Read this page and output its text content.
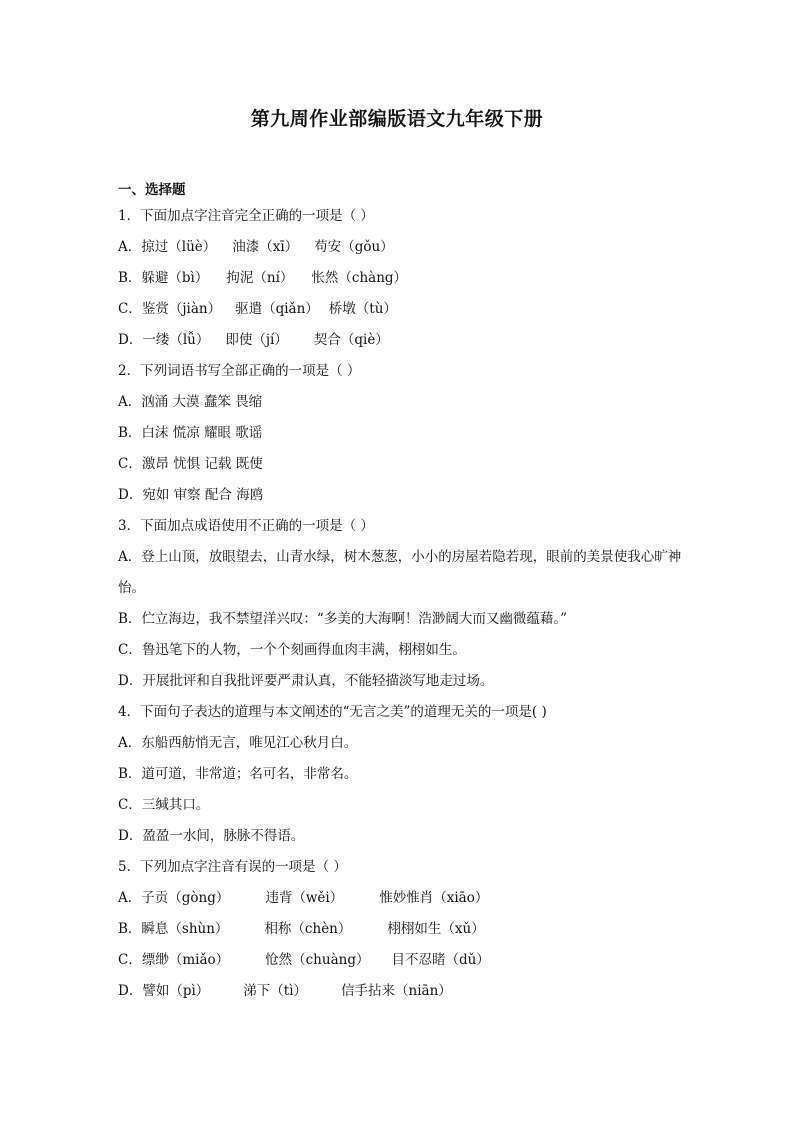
第九周作业部编版语文九年级下册
一、选择题
1．下面加点字注音完全正确的一项是（ ）
A．掠过（lüè） 油漆（xī） 苟安（gǒu）
B．躲避（bì） 拘泥（ní） 怅然（chàng）
C．鉴赏（jiàn） 驱遣（qiǎn） 桥墩（tù）
D．一缕（lǚ） 即使（jí） 契合（qiè）
2．下列词语书写全部正确的一项是（ ）
A．汹涌 大漠 蠢笨 畏缩
B．白沫 慌凉 耀眼 歌谣
C．激昂 忧惧 记载 既使
D．宛如 审察 配合 海鸥
3．下面加点成语使用不正确的一项是（ ）
A．登上山顶，放眼望去，山青水绿，树木葱葱，小小的房屋若隐若现，眼前的美景使我心旷神怡。
B．伫立海边，我不禁望洋兴叹：“多美的大海啊！浩渺阔大而又幽微蕴藉。”
C．鲁迅笔下的人物，一个个刻画得血肉丰满，栩栩如生。
D．开展批评和自我批评要严肃认真，不能轻描淡写地走过场。
4．下面句子表达的道理与本文阐述的“无言之美”的道理无关的一项是( )
A．东船西舫悄无言，唯见江心秋月白。
B．道可道，非常道；名可名，非常名。
C．三缄其口。
D．盈盈一水间，脉脉不得语。
5．下列加点字注音有误的一项是（ ）
A．子贡（gòng）	违背（wěi）	惟妙惟肖（xiāo）
B．瞬息（shùn）	相称（chèn）	栩栩如生（xǔ）
C．缥缈（miǎo）	怆然（chuàng） 目不忍睹（dǔ）
D．譬如（pì）	涕下（tì）	信手拈来（niān）
